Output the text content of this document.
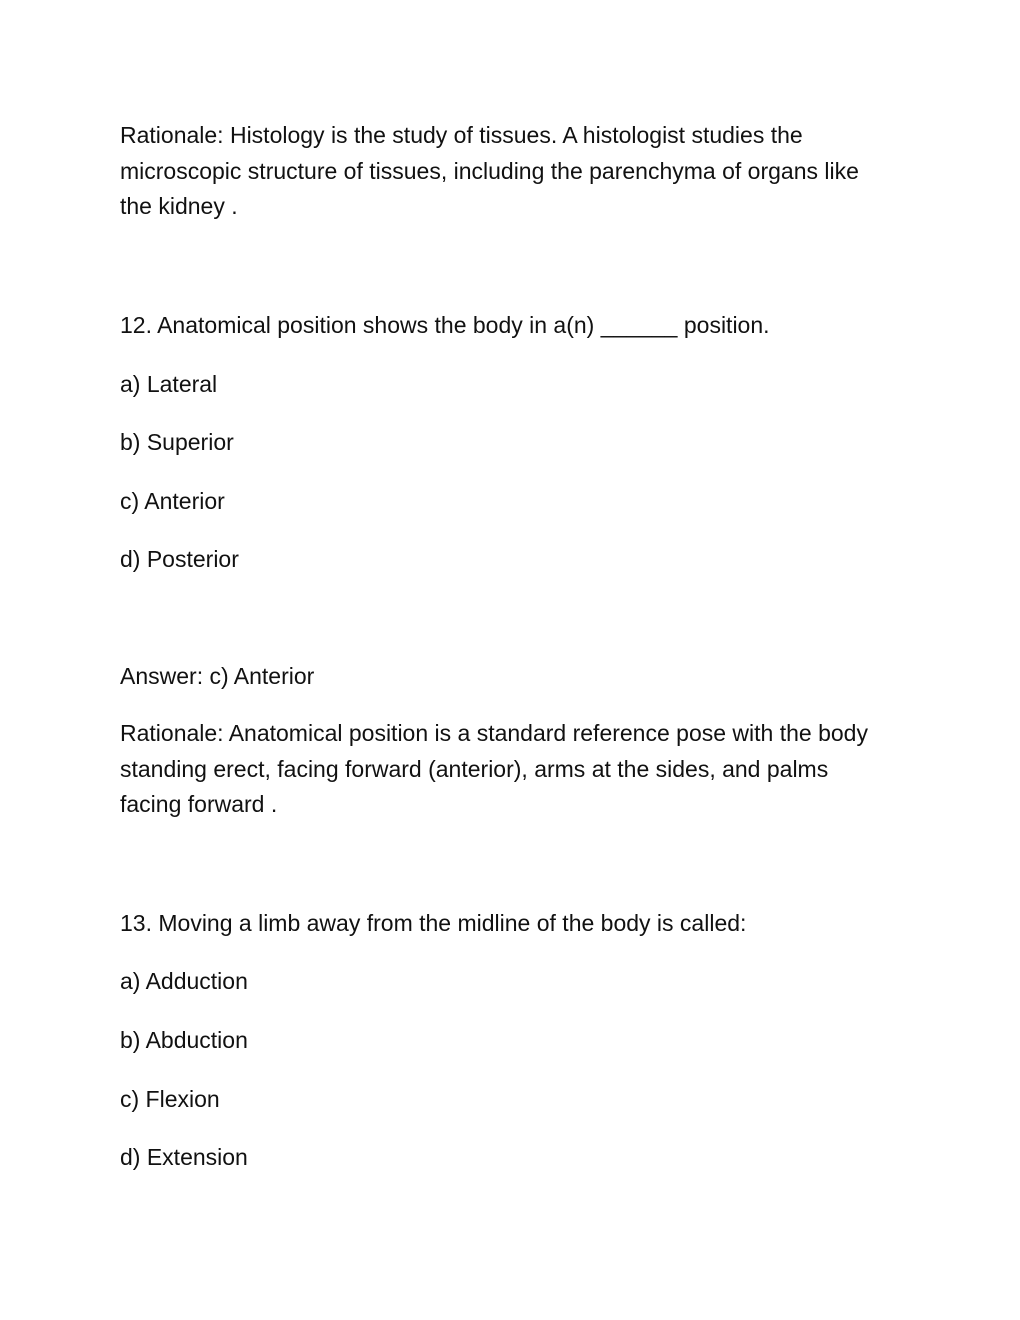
Rationale: Histology is the study of tissues. A histologist studies the microscopic structure of tissues, including the parenchyma of organs like the kidney .

12. Anatomical position shows the body in a(n) ______ position.

a) Lateral

b) Superior

c) Anterior

d) Posterior

Answer: c) Anterior

Rationale: Anatomical position is a standard reference pose with the body standing erect, facing forward (anterior), arms at the sides, and palms facing forward .

13. Moving a limb away from the midline of the body is called:

a) Adduction

b) Abduction

c) Flexion

d) Extension
